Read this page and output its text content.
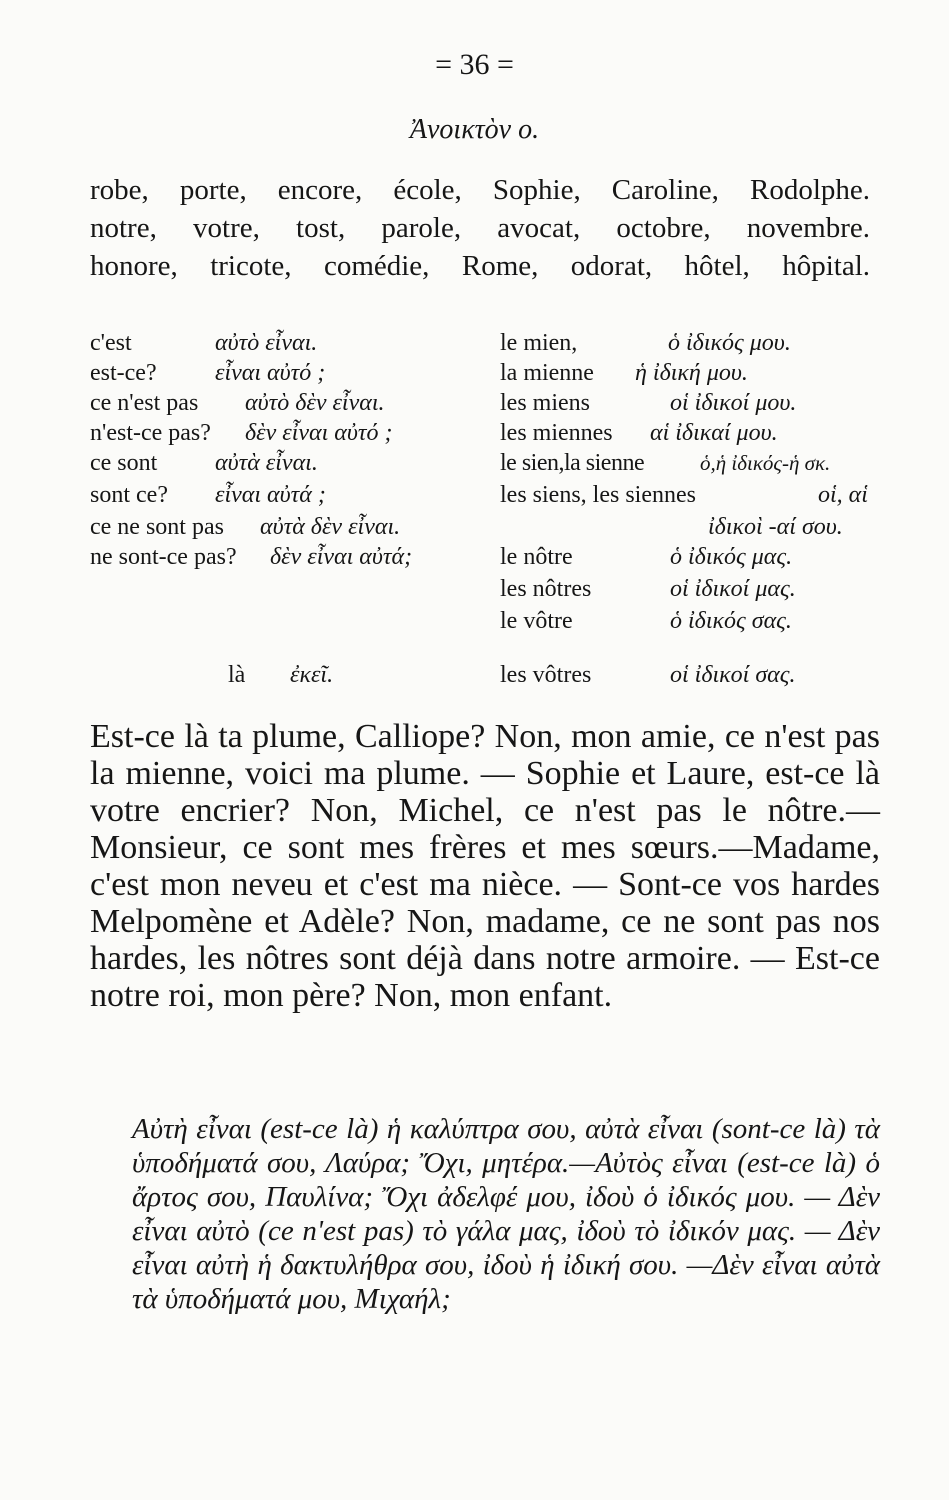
= 36 =
Ἀνοικτὸν ο.
robe, porte, encore, école, Sophie, Caroline, Rodolphe.
notre, votre, tost, parole, avocat, octobre, novembre.
honore, tricote, comédie, Rome, odorat, hôtel, hôpital.
c'est	αὐτὸ εἶναι.
est-ce? εἶναι αὐτό ;
ce n'est pas αὐτὸ δὲν εἶναι.
n'est-ce pas? δὲν εἶναι αὐτό ;
ce sont αὐτὰ εἶναι.
sont ce? εἶναι αὐτά ;
ce ne sont pas αὐτὰ δὲν εἶναι.
ne sont-ce pas? δὲν εἶναι αὐτά;
là ἐκεῖ.
le mien,	ὁ ἰδικός μου.
la mienne ἡ ἰδική μου.
les miens	οἱ ἰδικοί μου.
les miennes αἱ ἰδικαί μου.
le sien,la sienne	ὁ,ἡ ἰδικός-ἡ σκ.
les siens, les siennes	οἱ, αἱ
ἰδικοὶ -αί σου.
le nôtre	ὁ ἰδικός μας.
les nôtres	οἱ ἰδικοί μας.
le vôtre	ὁ ἰδικός σας.
les vôtres	οἱ ἰδικοί σας.
Est-ce là ta plume, Calliope? Non, mon amie, ce n'est pas la mienne, voici ma plume. — Sophie et Laure, est-ce là votre encrier? Non, Michel, ce n'est pas le nôtre.—Monsieur, ce sont mes frères et mes sœurs.—Madame, c'est mon neveu et c'est ma nièce. — Sont-ce vos hardes Melpomène et Adèle? Non, madame, ce ne sont pas nos hardes, les nôtres sont déjà dans notre armoire. — Est-ce notre roi, mon père? Non, mon enfant.
Αὐτὴ εἶναι (est-ce là) ἡ καλύπτρα σου, αὐτὰ εἶναι (sont-ce là) τὰ ὑποδήματά σου, Λαύρα; Ὄχι, μητέρα.—Αὐτὸς εἶναι (est-ce là) ὁ ἄρτος σου, Παυλίνα; Ὄχι ἀδελφέ μου, ἰδοὺ ὁ ἰδικός μου. — Δὲν εἶναι αὐτὸ (ce n'est pas) τὸ γάλα μας, ἰδοὺ τὸ ἰδικόν μας. — Δὲν εἶναι αὐτὴ ἡ δακτυλήθρα σου, ἰδοὺ ἡ ἰδική σου. —Δὲν εἶναι αὐτὰ τὰ ὑποδήματά μου, Μιχαήλ;
